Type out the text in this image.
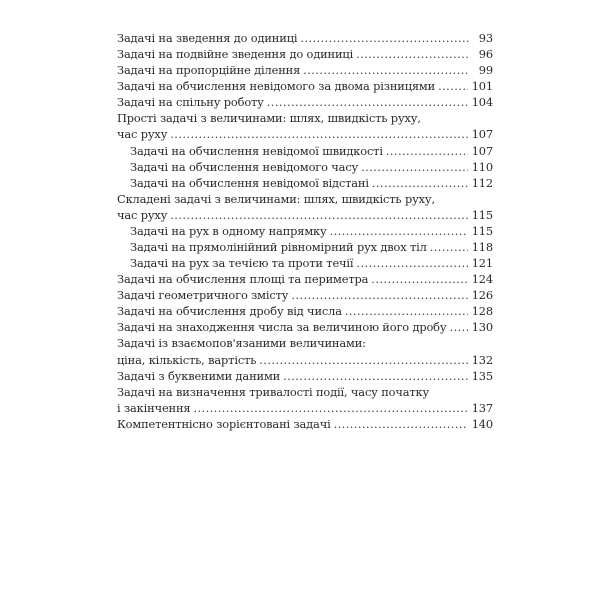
Задачі на зведення до одиниці . . .	93
Задачі на подвійне зведення до одиниці . . .	96
Задачі на пропорційне ділення . . .	99
Задачі на обчислення невідомого за двома різницями . . .	101
Задачі на спільну роботу . . .	104
Прості задачі з величинами: шлях, швидкість руху,
час руху . . .	107
Задачі на обчислення невідомої швидкості . . .	107
Задачі на обчислення невідомого часу . . .	110
Задачі на обчислення невідомої відстані . . .	112
Складені задачі з величинами: шлях, швидкість руху,
час руху . . .	115
Задачі на рух в одному напрямку . . .	115
Задачі на прямолінійний рівномірний рух двох тіл . . .	118
Задачі на рух за течією та проти течії . . .	121
Задачі на обчислення площі та периметра . . .	124
Задачі геометричного змісту . . .	126
Задачі на обчислення дробу від числа . . .	128
Задачі на знаходження числа за величиною його дробу . . . 130
Задачі із взаємопов'язаними величинами:
ціна, кількість, вартість . . .	132
Задачі з буквеними даними . . .	135
Задачі на визначення тривалості події, часу початку
і закінчення . . .	137
Компетентнісно зорієнтовані задачі . . .	140
